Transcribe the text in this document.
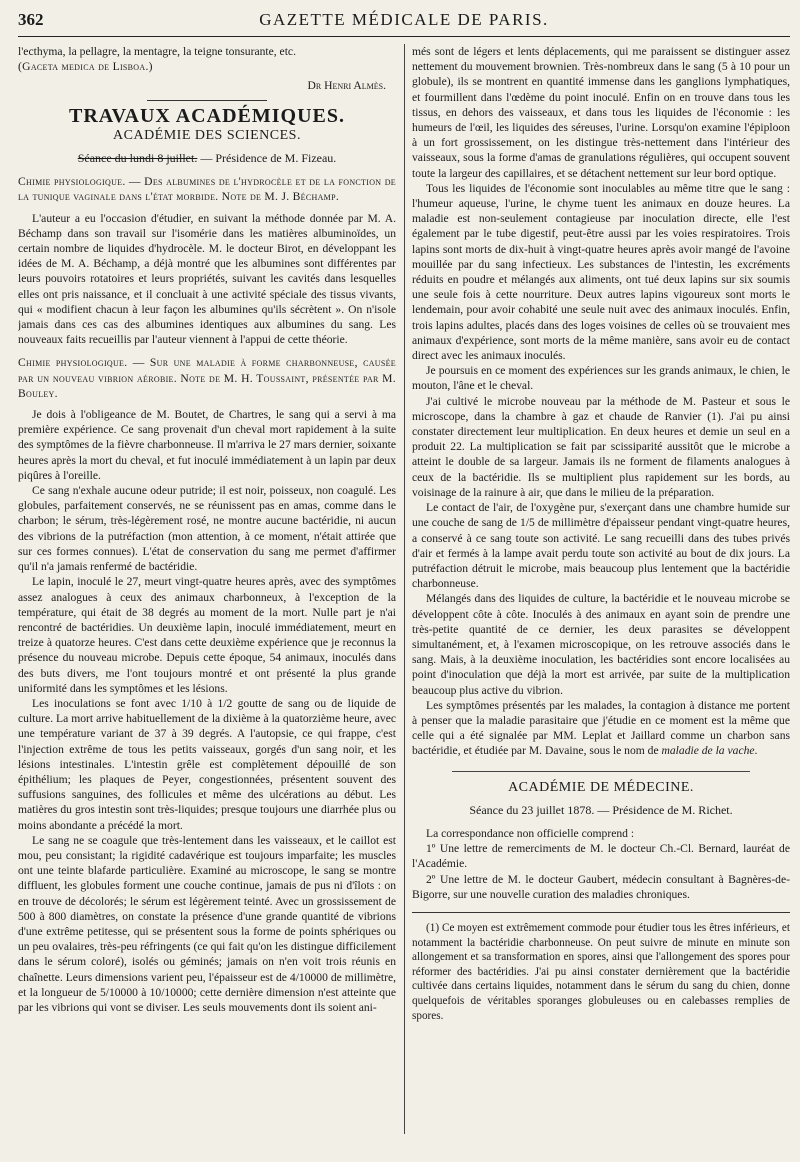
362	GAZETTE MÉDICALE DE PARIS.

l'ecthyma, la pellagre, la mentagre, la teigne tonsurante, etc.

(Gaceta medica de Lisboa.)

Dr Henri Almès.
TRAVAUX ACADÉMIQUES.
ACADÉMIE DES SCIENCES.
Séance du lundi 8 juillet. — Présidence de M. Fizeau.

Chimie physiologique. — Des albumines de l'hydrocèle et de la fonction de la tunique vaginale dans l'état morbide. Note de M. J. Béchamp.

L'auteur a eu l'occasion d'étudier, en suivant la méthode donnée par M. A. Béchamp dans son travail sur l'isomérie dans les matières albuminoïdes, un certain nombre de liquides d'hydrocèle. M. le docteur Birot, en développant les idées de M. A. Béchamp, a déjà montré que les albumines sont différentes par leurs pouvoirs rotatoires et leurs propriétés, suivant les cavités dans lesquelles elles ont pris naissance, et il concluait à une activité spéciale des tissus vivants, qui « modifient chacun à leur façon les albumines qu'ils sécrètent ». On n'isole jamais dans ces cas des albumines identiques aux albumines du sang. Les nouveaux faits recueillis par l'auteur viennent à l'appui de cette théorie.

Chimie physiologique. — Sur une maladie à forme charbonneuse, causée par un nouveau vibrion aérobie. Note de M. H. Toussaint, présentée par M. Bouley.

Je dois à l'obligeance de M. Boutet, de Chartres, le sang qui a servi à ma première expérience. Ce sang provenait d'un cheval mort rapidement à la suite des symptômes de la fièvre charbonneuse. Il m'arriva le 27 mars dernier, soixante heures après la mort du cheval, et fut inoculé immédiatement à un lapin par deux piqûres à l'oreille.

Ce sang n'exhale aucune odeur putride; il est noir, poisseux, non coagulé. Les globules, parfaitement conservés, ne se réunissent pas en amas, comme dans le charbon; le sérum, très-légèrement rosé, ne montre aucune bactéridie, ni aucun des vibrions de la putréfaction (mon attention, à ce moment, n'était attirée que sur ces formes connues). L'état de conservation du sang me permet d'affirmer qu'il n'a jamais renfermé de bactéridie.

Le lapin, inoculé le 27, meurt vingt-quatre heures après, avec des symptômes assez analogues à ceux des animaux charbonneux, à l'exception de la température, qui était de 38 degrés au moment de la mort. Nulle part je n'ai rencontré de bactéridies. Un deuxième lapin, inoculé immédiatement, meurt en treize à quatorze heures. C'est dans cette deuxième expérience que je reconnus la présence du nouveau microbe. Depuis cette époque, 54 animaux, inoculés dans des buts divers, me l'ont toujours montré et ont présenté la plus grande uniformité dans les symptômes et les lésions.

Les inoculations se font avec 1/10 à 1/2 goutte de sang ou de liquide de culture. La mort arrive habituellement de la dixième à la quatorzième heure, avec une température variant de 37 à 39 degrés. A l'autopsie, ce qui frappe, c'est l'injection extrême de tous les petits vaisseaux, gorgés d'un sang noir, et les lésions intestinales. L'intestin grêle est complètement dépouillé de son épithélium; les plaques de Peyer, congestionnées, présentent souvent des suffusions sanguines, des follicules et même des ulcérations au début. Les matières du gros intestin sont très-liquides; presque toujours une diarrhée plus ou moins abondante a précédé la mort.

Le sang ne se coagule que très-lentement dans les vaisseaux, et le caillot est mou, peu consistant; la rigidité cadavérique est toujours imparfaite; les muscles ont une teinte blafarde particulière. Examiné au microscope, le sang se montre diffluent, les globules forment une couche continue, jamais de pus ni d'îlots : on en trouve de décolorés; le sérum est légèrement teinté. Avec un grossissement de 500 à 800 diamètres, on constate la présence d'une grande quantité de vibrions d'une extrême petitesse, qui se présentent sous la forme de points sphériques ou un peu ovalaires, très-peu réfringents (ce qui fait qu'on les distingue difficilement dans le sérum coloré), isolés ou géminés; jamais on n'en voit trois réunis en chaînette. Leurs dimensions varient peu, l'épaisseur est de 4/10000 de millimètre, et la longueur de 5/10000 à 10/10000; cette dernière dimension n'est atteinte que par les vibrions qui vont se diviser. Les seuls mouvements dont ils soient ani-

més sont de légers et lents déplacements, qui me paraissent se distinguer assez nettement du mouvement brownien. Très-nombreux dans le sang (5 à 10 pour un globule), ils se montrent en quantité immense dans les ganglions lymphatiques, et fourmillent dans l'œdème du point inoculé. Enfin on en trouve dans tous les tissus, en dehors des vaisseaux, et dans tous les liquides de l'économie : les humeurs de l'œil, les liquides des séreuses, l'urine. Lorsqu'on examine l'épiploon à un fort grossissement, on les distingue très-nettement dans l'intérieur des vaisseaux, sous la forme d'amas de granulations régulières, qui occupent souvent toute la largeur des capillaires, et se détachent nettement sur leur bord optique.

Tous les liquides de l'économie sont inoculables au même titre que le sang : l'humeur aqueuse, l'urine, le chyme tuent les animaux en douze heures. La maladie est non-seulement contagieuse par inoculation directe, elle l'est également par le tube digestif, peut-être aussi par les voies respiratoires. Trois lapins sont morts de dix-huit à vingt-quatre heures après avoir mangé de l'avoine mouillée par du sang infectieux. Les substances de l'intestin, les excréments réduits en poudre et mélangés aux aliments, ont tué deux lapins sur six soumis une seule fois à cette nourriture. Deux autres lapins vigoureux sont morts le lendemain, pour avoir cohabité une seule nuit avec des animaux inoculés. Enfin, trois lapins adultes, placés dans des loges voisines de celles où se trouvaient mes animaux d'expérience, sont morts de la même manière, sans avoir eu de contact direct avec les animaux inoculés.

Je poursuis en ce moment des expériences sur les grands animaux, le chien, le mouton, l'âne et le cheval.

J'ai cultivé le microbe nouveau par la méthode de M. Pasteur et sous le microscope, dans la chambre à gaz et chaude de Ranvier (1). J'ai pu ainsi constater directement leur multiplication. En deux heures et demie un seul en a produit 22. La multiplication se fait par scissiparité aussitôt que le microbe a atteint le double de sa largeur. Jamais ils ne forment de filaments analogues à ceux de la bactéridie. Ils se multiplient plus rapidement sur les bords, au voisinage de la rainure à air, que dans le milieu de la préparation.

Le contact de l'air, de l'oxygène pur, s'exerçant dans une chambre humide sur une couche de sang de 1/5 de millimètre d'épaisseur pendant vingt-quatre heures, a conservé à ce sang toute son activité. Le sang recueilli dans des tubes privés d'air et fermés à la lampe avait perdu toute son activité au bout de dix jours. La putréfaction détruit le microbe, mais beaucoup plus lentement que la bactéridie charbonneuse.

Mélangés dans des liquides de culture, la bactéridie et le nouveau microbe se développent côte à côte. Inoculés à des animaux en ayant soin de prendre une très-petite quantité de ce dernier, les deux parasites se développent simultanément, et, à l'examen microscopique, on les retrouve associés dans le sang. Mais, à la deuxième inoculation, les bactéridies sont encore localisées au point d'inoculation que déjà la mort est arrivée, par suite de la multiplication beaucoup plus active du vibrion.

Les symptômes présentés par les malades, la contagion à distance me portent à penser que la maladie parasitaire que j'étudie en ce moment est la même que celle qui a été signalée par MM. Leplat et Jaillard comme un charbon sans bactéridie, et étudiée par M. Davaine, sous le nom de maladie de la vache.

ACADÉMIE DE MÉDECINE.
Séance du 23 juillet 1878. — Présidence de M. Richet.

La correspondance non officielle comprend :

1º Une lettre de remerciments de M. le docteur Ch.-Cl. Bernard, lauréat de l'Académie.

2º Une lettre de M. le docteur Gaubert, médecin consultant à Bagnères-de-Bigorre, sur une nouvelle curation des maladies chroniques.

(1) Ce moyen est extrêmement commode pour étudier tous les êtres inférieurs, et notamment la bactéridie charbonneuse. On peut suivre de minute en minute son allongement et sa transformation en spores, ainsi que l'allongement des spores pour réformer des bactéridies. J'ai pu ainsi constater dernièrement que la bactéridie cultivée dans certains liquides, notamment dans le sérum du sang du chien, donne quelquefois de véritables sporanges globuleuses ou en calebasses remplies de spores.
